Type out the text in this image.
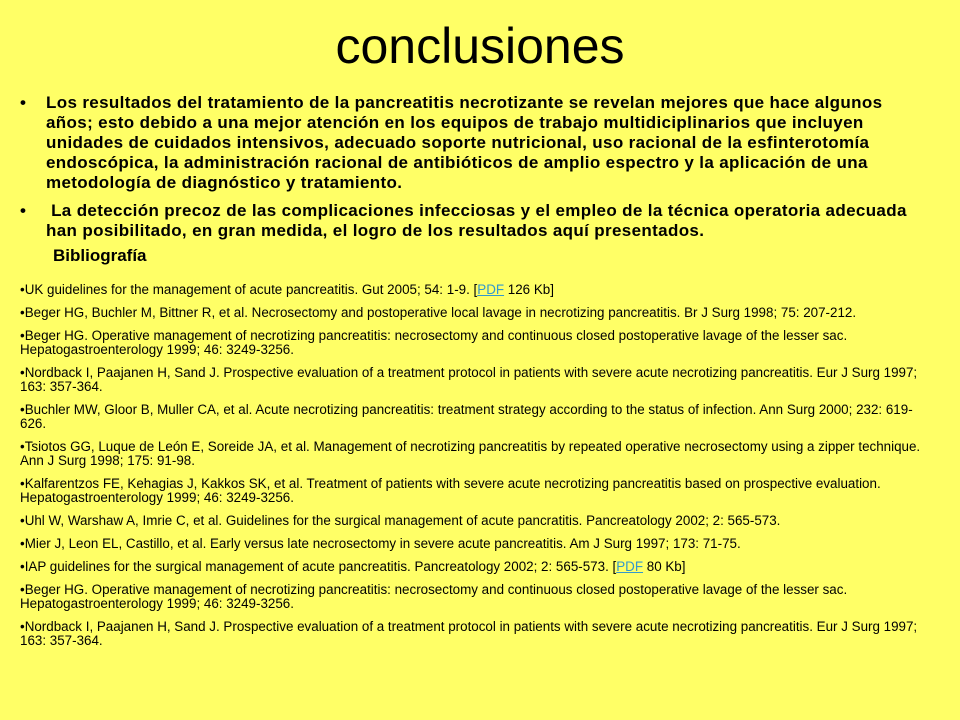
conclusiones
• Los resultados del tratamiento de la pancreatitis necrotizante se revelan mejores que hace algunos años; esto debido a una mejor atención en los equipos de trabajo multidiciplinarios que incluyen unidades de cuidados intensivos, adecuado soporte nutricional, uso racional de la esfinterotomía endoscópica, la administración racional de antibióticos de amplio espectro y la aplicación de una metodología de diagnóstico y tratamiento.
• La detección precoz de las complicaciones infecciosas y el empleo de la técnica operatoria adecuada han posibilitado, en gran medida, el logro de los resultados aquí presentados.
Bibliografía
•UK guidelines for the management of acute pancreatitis. Gut 2005; 54: 1-9. [PDF 126 Kb]
•Beger HG, Buchler M, Bittner R, et al. Necrosectomy and postoperative local lavage in necrotizing pancreatitis. Br J Surg 1998; 75: 207-212.
•Beger HG. Operative management of necrotizing pancreatitis: necrosectomy and continuous closed postoperative lavage of the lesser sac. Hepatogastroenterology 1999; 46: 3249-3256.
•Nordback I, Paajanen H, Sand J. Prospective evaluation of a treatment protocol in patients with severe acute necrotizing pancreatitis. Eur J Surg 1997; 163: 357-364.
•Buchler MW, Gloor B, Muller CA, et al. Acute necrotizing pancreatitis: treatment strategy according to the status of infection. Ann Surg 2000; 232: 619-626.
•Tsiotos GG, Luque de León E, Soreide JA, et al. Management of necrotizing pancreatitis by repeated operative necrosectomy using a zipper technique. Ann J Surg 1998; 175: 91-98.
•Kalfarentzos FE, Kehagias J, Kakkos SK, et al. Treatment of patients with severe acute necrotizing pancreatitis based on prospective evaluation. Hepatogastroenterology 1999; 46: 3249-3256.
•Uhl W, Warshaw A, Imrie C, et al. Guidelines for the surgical management of acute pancratitis. Pancreatology 2002; 2: 565-573.
•Mier J, Leon EL, Castillo, et al. Early versus late necrosectomy in severe acute pancreatitis. Am J Surg 1997; 173: 71-75.
•IAP guidelines for the surgical management of acute pancreatitis. Pancreatology 2002; 2: 565-573. [PDF 80 Kb]
•Beger HG. Operative management of necrotizing pancreatitis: necrosectomy and continuous closed postoperative lavage of the lesser sac. Hepatogastroenterology 1999; 46: 3249-3256.
•Nordback I, Paajanen H, Sand J. Prospective evaluation of a treatment protocol in patients with severe acute necrotizing pancreatitis. Eur J Surg 1997; 163: 357-364.
